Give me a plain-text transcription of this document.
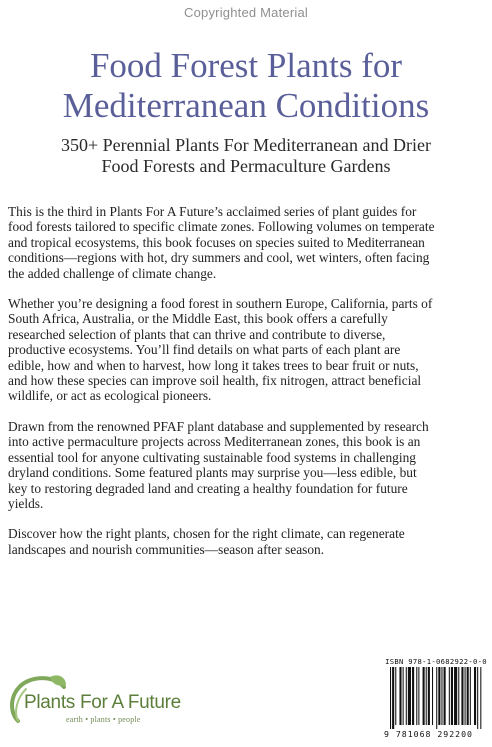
Copyrighted Material
Food Forest Plants for
Mediterranean Conditions
350+ Perennial Plants For Mediterranean and Drier
Food Forests and Permaculture Gardens

This is the third in Plants For A Future’s acclaimed series of plant guides for
food forests tailored to specific climate zones. Following volumes on temperate
and tropical ecosystems, this book focuses on species suited to Mediterranean
conditions—regions with hot, dry summers and cool, wet winters, often facing
the added challenge of climate change.

Whether you’re designing a food forest in southern Europe, California, parts of
South Africa, Australia, or the Middle East, this book offers a carefully
researched selection of plants that can thrive and contribute to diverse,
productive ecosystems. You’ll find details on what parts of each plant are
edible, how and when to harvest, how long it takes trees to bear fruit or nuts,
and how these species can improve soil health, fix nitrogen, attract beneficial
wildlife, or act as ecological pioneers.

Drawn from the renowned PFAF plant database and supplemented by research
into active permaculture projects across Mediterranean zones, this book is an
essential tool for anyone cultivating sustainable food systems in challenging
dryland conditions. Some featured plants may surprise you—less edible, but
key to restoring degraded land and creating a healthy foundation for future
yields.

Discover how the right plants, chosen for the right climate, can regenerate
landscapes and nourish communities—season after season.

Plants For A Future
earth • plants • people
ISBN 978-1-0682922-0-0
9 781068 292200
